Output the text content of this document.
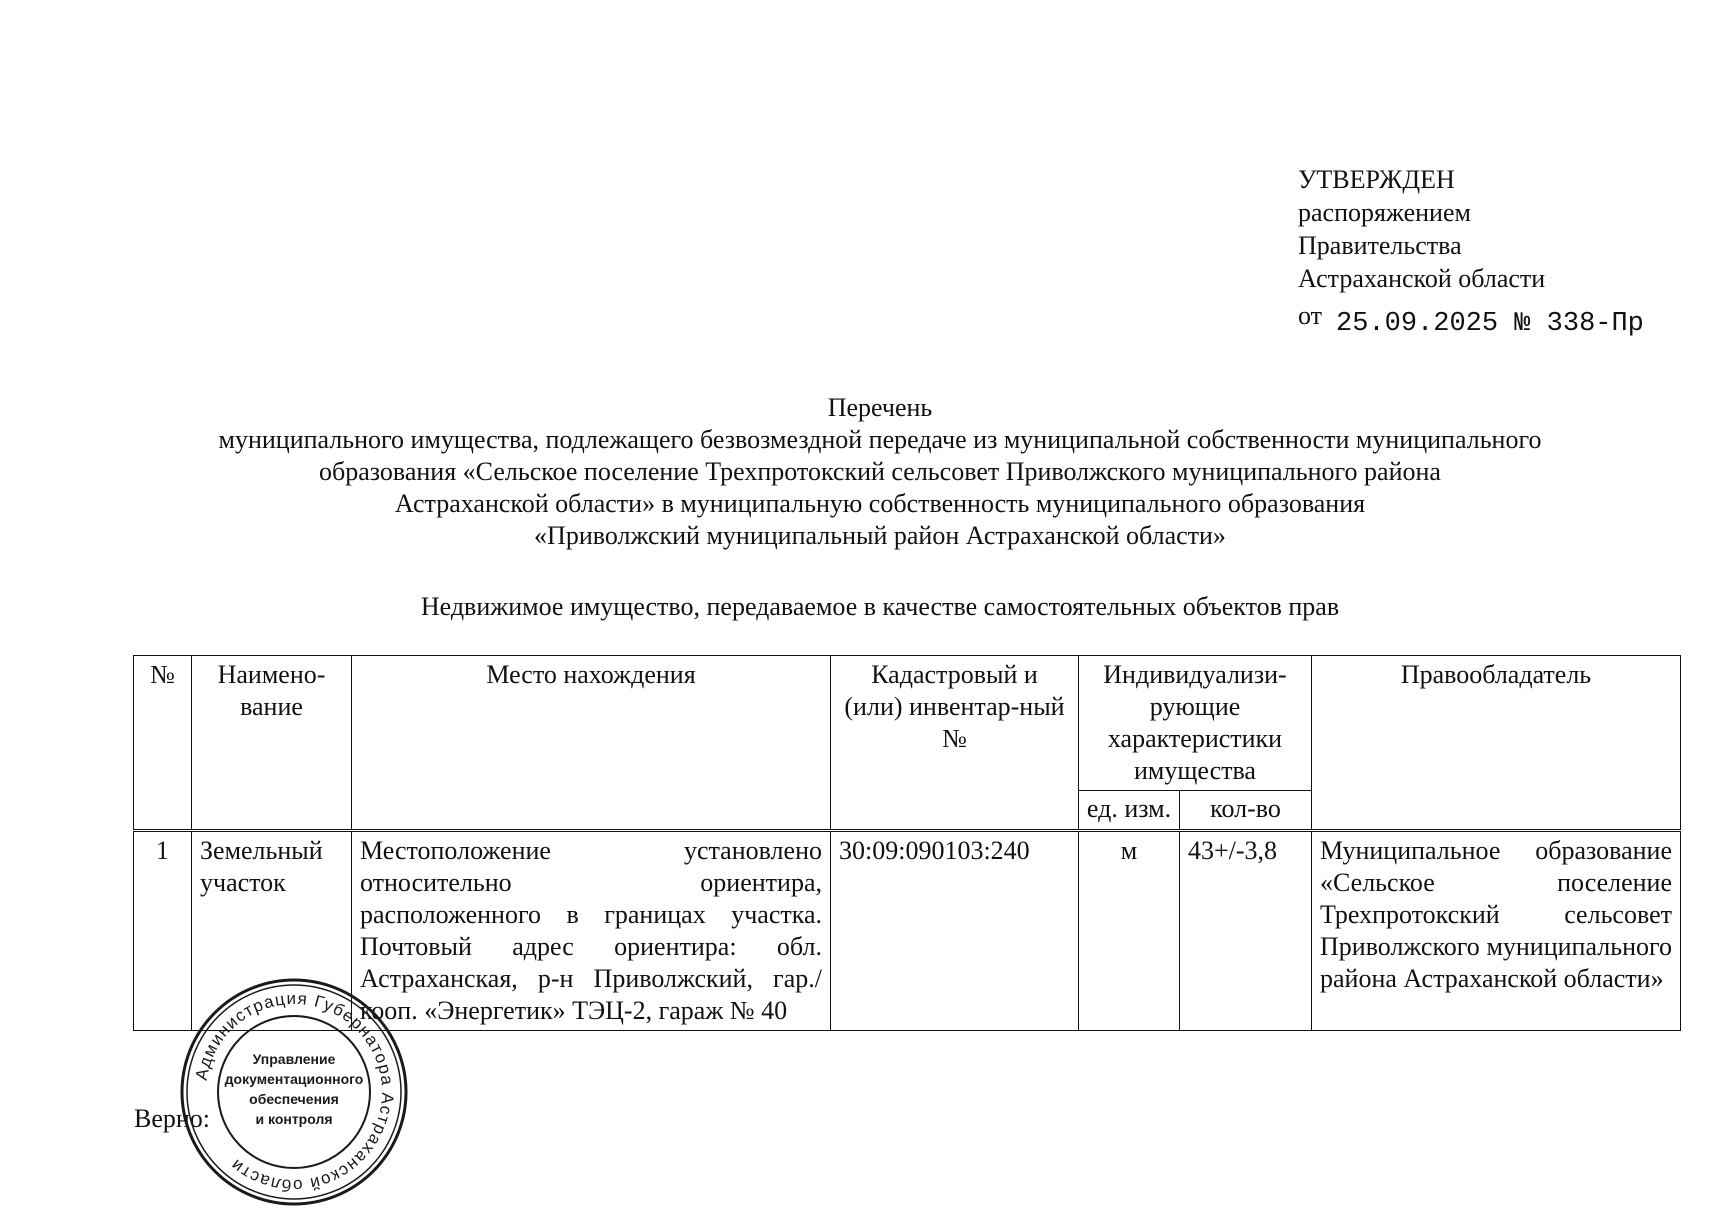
УТВЕРЖДЕН
распоряжением
Правительства
Астраханской области
от 25.09.2025 № 338-Пр
Перечень
муниципального имущества, подлежащего безвозмездной передаче из муниципальной собственности муниципального
образования «Сельское поселение Трехпротокский сельсовет Приволжского муниципального района
Астраханской области» в муниципальную собственность муниципального образования
«Приволжский муниципальный район Астраханской области»
Недвижимое имущество, передаваемое в качестве самостоятельных объектов прав
№	Наимено-вание	Место нахождения	Кадастровый и (или) инвентар-ный №	Индивидуализи-рующие характеристики имущества		Правообладатель
				ед. изм.	кол-во	
1	Земельный участок	Местоположение установлено относительно ориентира, расположенного в границах участка. Почтовый адрес ориентира: обл. Астраханская, р-н Приволжский, гар./кооп. «Энергетик» ТЭЦ-2, гараж № 40	30:09:090103:240	м	43+/-3,8	Муниципальное образование «Сельское поселение Трехпротокский сельсовет Приволжского муниципального района Астраханской области»
Верно:
Администрация Губернатора Астраханской области
Управление
документационного
обеспечения
и контроля
